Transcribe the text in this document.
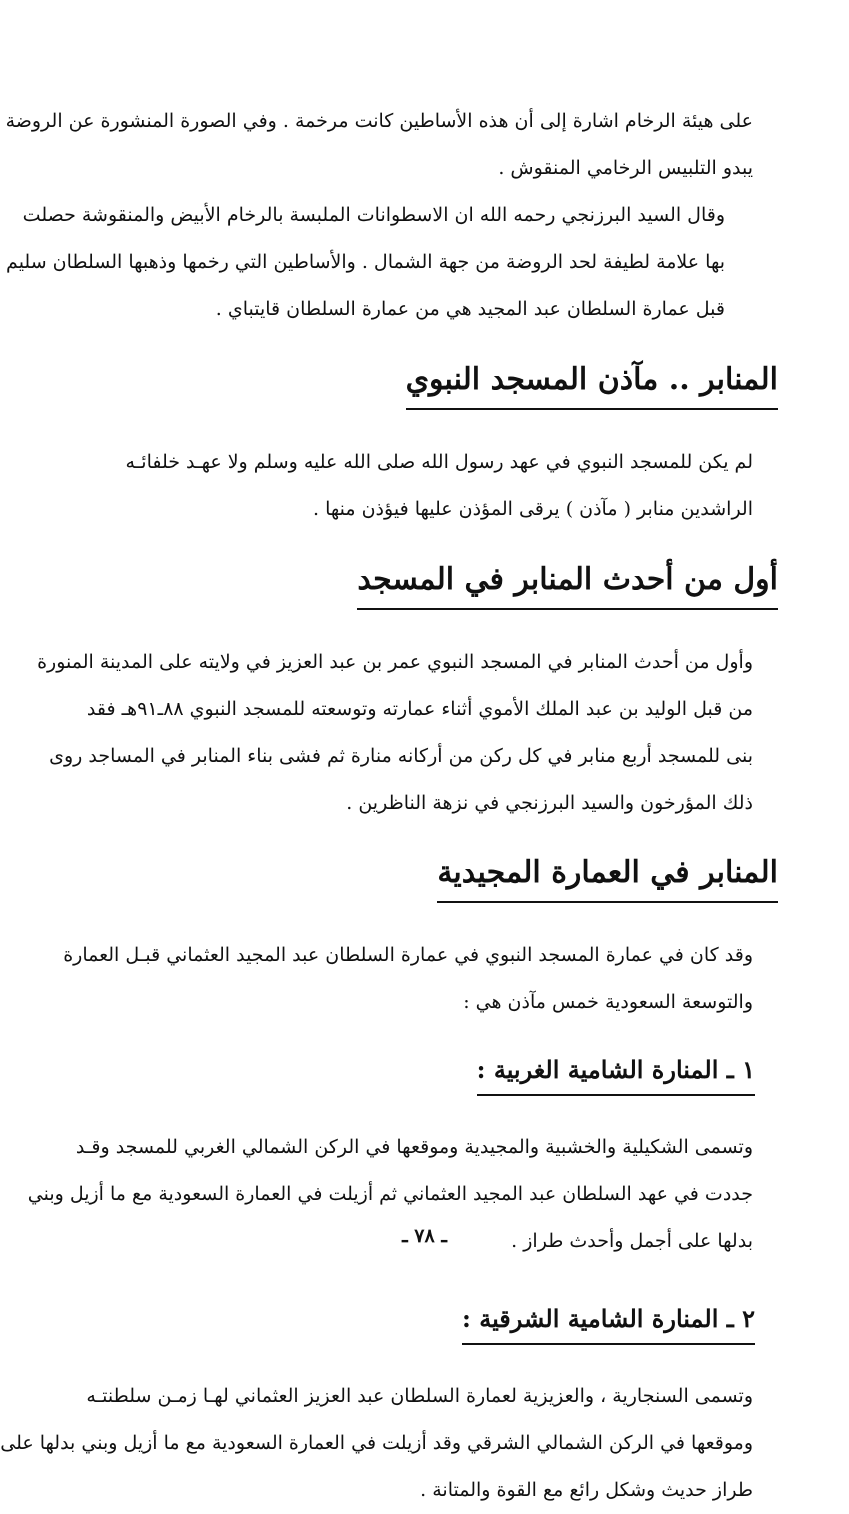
على هيئة الرخام اشارة إلى أن هذه الأساطين كانت مرخمة . وفي الصورة المنشورة عن الروضة
يبدو التلبيس الرخامي المنقوش .

وقال السيد البرزنجي رحمه الله ان الاسطوانات الملبسة بالرخام الأبيض والمنقوشة حصلت
بها علامة لطيفة لحد الروضة من جهة الشمال . والأساطين التي رخمها وذهبها السلطان سليم
قبل عمارة السلطان عبد المجيد هي من عمارة السلطان قايتباي .

المنابر .. مآذن المسجد النبوي

لم يكن للمسجد النبوي في عهد رسول الله صلى الله عليه وسلم ولا عهـد خلفائـه
الراشدين منابر ( مآذن ) يرقى المؤذن عليها فيؤذن منها .

أول من أحدث المنابر في المسجد

وأول من أحدث المنابر في المسجد النبوي عمر بن عبد العزيز في ولايته على المدينة المنورة
من قبل الوليد بن عبد الملك الأموي أثناء عمارته وتوسعته للمسجد النبوي ٨٨ـ٩١هـ فقد
بنى للمسجد أربع منابر في كل ركن من أركانه منارة ثم فشى بناء المنابر في المساجد روى
ذلك المؤرخون والسيد البرزنجي في نزهة الناظرين .

المنابر في العمارة المجيدية

وقد كان في عمارة المسجد النبوي في عمارة السلطان عبد المجيد العثماني قبـل العمارة
والتوسعة السعودية خمس مآذن هي :

١ ـ المنارة الشامية الغربية :

وتسمى الشكيلية والخشبية والمجيدية وموقعها في الركن الشمالي الغربي للمسجد وقـد
جددت في عهد السلطان عبد المجيد العثماني ثم أزيلت في العمارة السعودية مع ما أزيل وبني
بدلها على أجمل وأحدث طراز .

٢ ـ المنارة الشامية الشرقية :

وتسمى السنجارية ، والعزيزية لعمارة السلطان عبد العزيز العثماني لهـا زمـن سلطنتـه
وموقعها في الركن الشمالي الشرقي وقد أزيلت في العمارة السعودية مع ما أزيل وبني بدلها على
طراز حديث وشكل رائع مع القوة والمتانة .

ـ ٧٨ ـ
